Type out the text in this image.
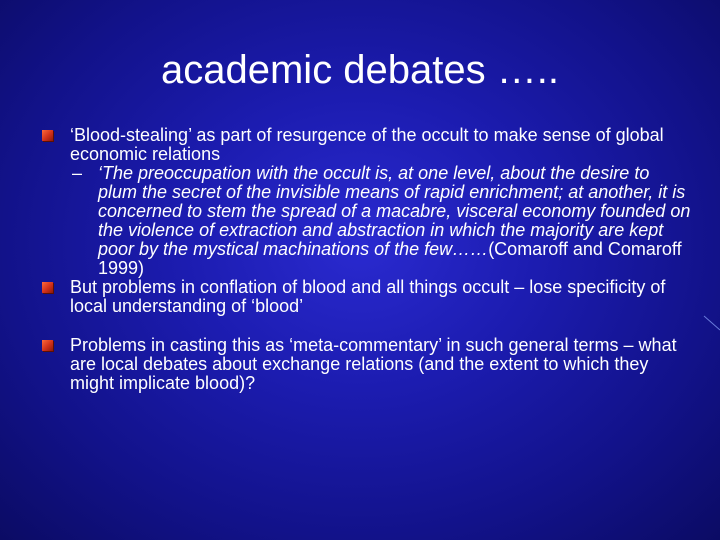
academic debates …..

‘Blood-stealing’ as part of resurgence of the occult to make sense of global economic relations

– ‘The preoccupation with the occult is, at one level, about the desire to plum the secret of the invisible means of rapid enrichment; at another, it is concerned to stem the spread of a macabre, visceral economy founded on the violence of extraction and abstraction in which the majority are kept poor by the mystical machinations of the few……(Comaroff and Comaroff 1999)

But problems in conflation of blood and all things occult – lose specificity of local understanding of ‘blood’

Problems in casting this as ‘meta-commentary’ in such general terms – what are local debates about exchange relations (and the extent to which they might implicate blood)?
